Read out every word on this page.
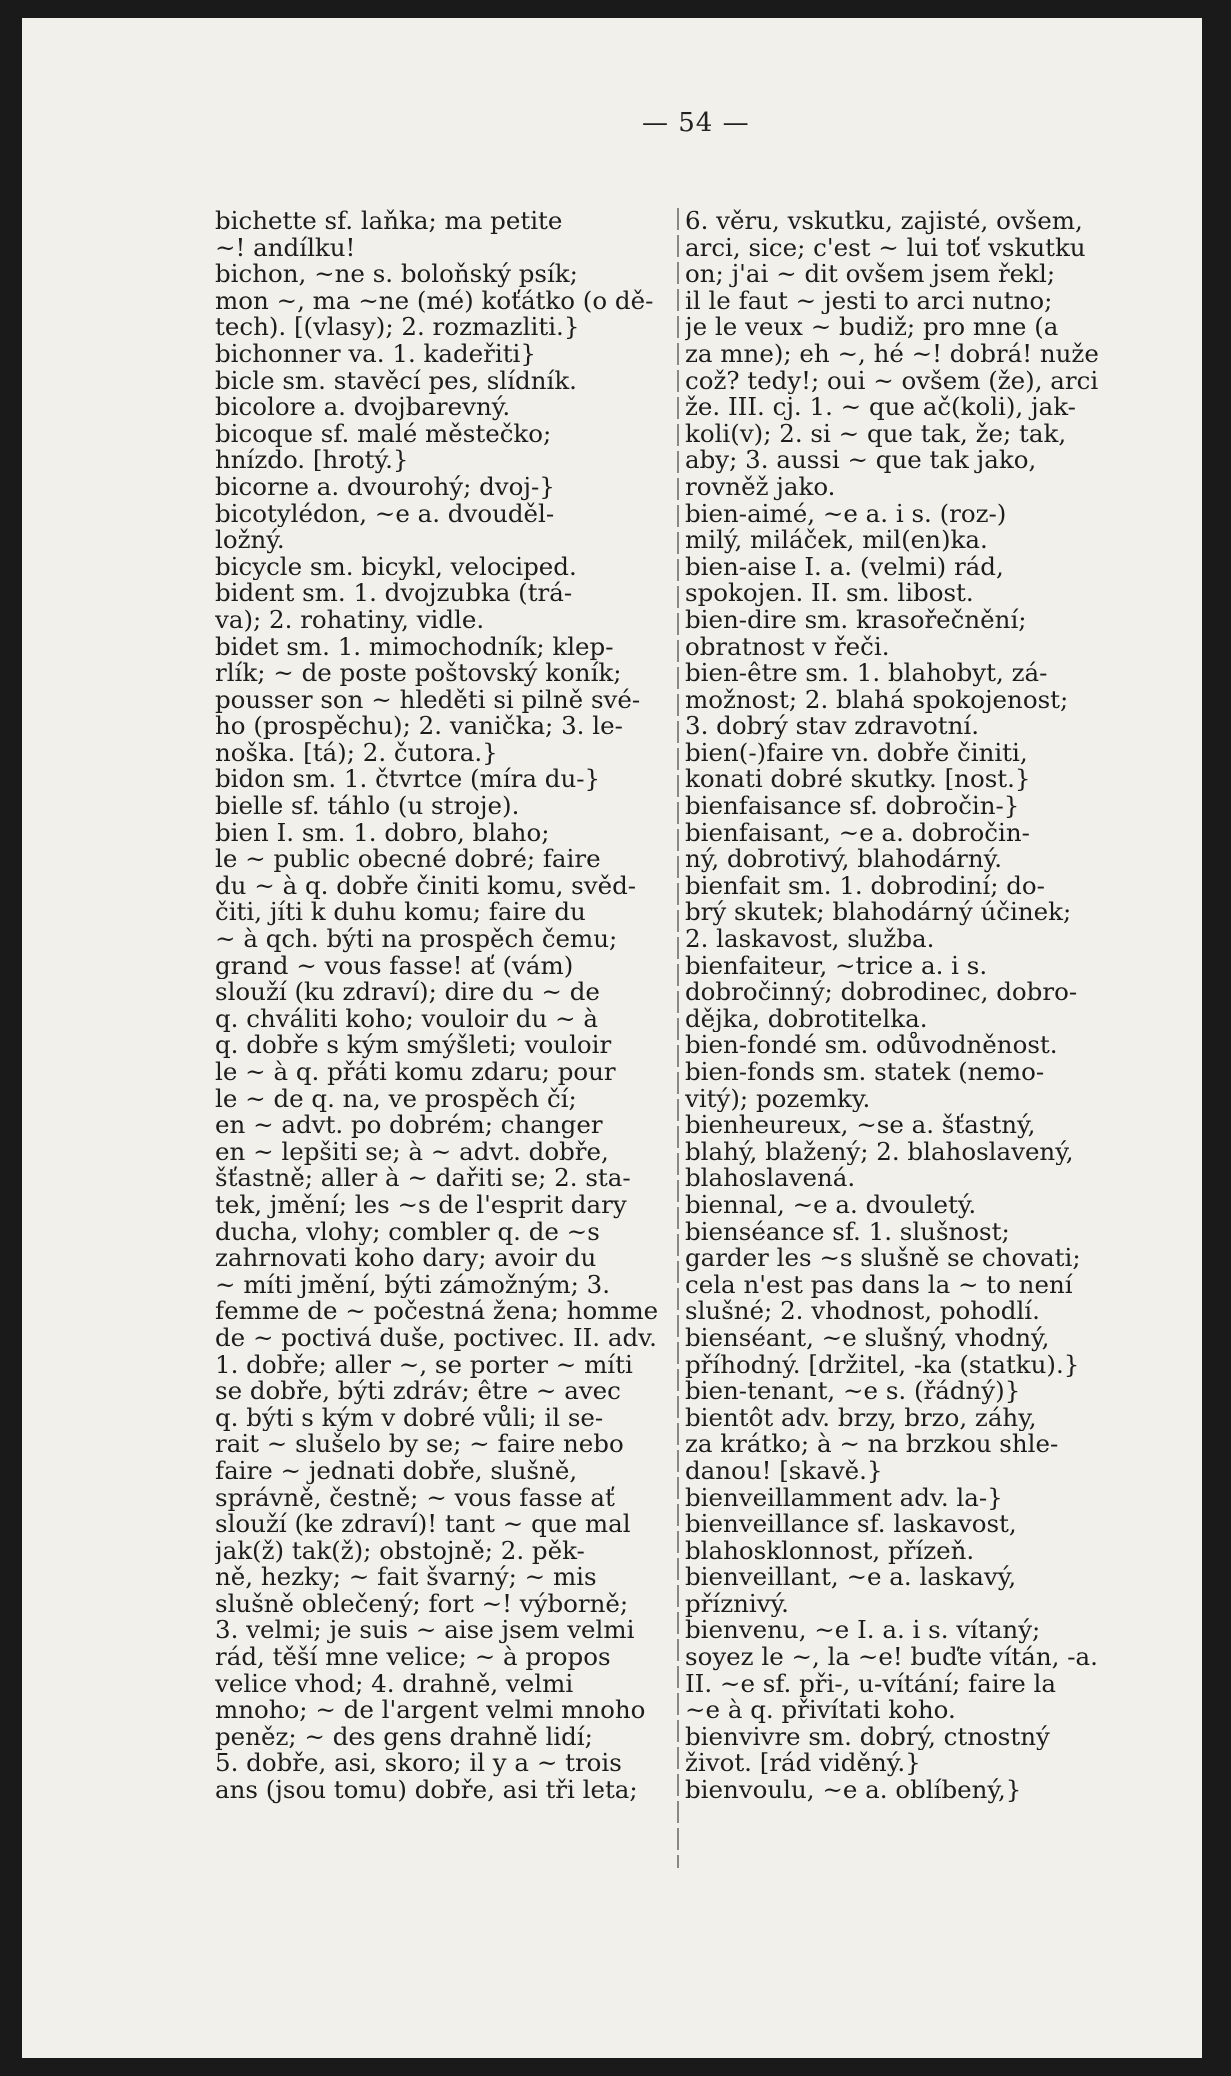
— 54 —

bichette sf. laňka; ma petite

~! andílku!

bichon, ~ne s. boloňský psík;

mon ~, ma ~ne (mé) koťátko (o dě-

tech). [(vlasy); 2. rozmazliti.}

bichonner va. 1. kadeřiti}

bicle sm. stavěcí pes, slídník.

bicolore a. dvojbarevný.

bicoque sf. malé městečko;

hnízdo. [hrotý.}

bicorne a. dvourohý; dvoj-}

bicotylédon, ~e a. dvouděl-

ložný.

bicycle sm. bicykl, velociped.

bident sm. 1. dvojzubka (trá-

va); 2. rohatiny, vidle.

bidet sm. 1. mimochodník; klep-

rlík; ~ de poste poštovský koník;

pousser son ~ hleděti si pilně své-

ho (prospěchu); 2. vanička; 3. le-

noška. [tá); 2. čutora.}

bidon sm. 1. čtvrtce (míra du-}

bielle sf. táhlo (u stroje).

bien I. sm. 1. dobro, blaho;

le ~ public obecné dobré; faire

du ~ à q. dobře činiti komu, svěd-

čiti, jíti k duhu komu; faire du

~ à qch. býti na prospěch čemu;

grand ~ vous fasse! ať (vám)

slouží (ku zdraví); dire du ~ de

q. chváliti koho; vouloir du ~ à

q. dobře s kým smýšleti; vouloir

le ~ à q. přáti komu zdaru; pour

le ~ de q. na, ve prospěch čí;

en ~ advt. po dobrém; changer

en ~ lepšiti se; à ~ advt. dobře,

šťastně; aller à ~ dařiti se; 2. sta-

tek, jmění; les ~s de l'esprit dary

ducha, vlohy; combler q. de ~s

zahrnovati koho dary; avoir du

~ míti jmění, býti zámožným; 3.

femme de ~ počestná žena; homme

de ~ poctivá duše, poctivec. II. adv.

1. dobře; aller ~, se porter ~ míti

se dobře, býti zdráv; être ~ avec

q. býti s kým v dobré vůli; il se-

rait ~ slušelo by se; ~ faire nebo

faire ~ jednati dobře, slušně,

správně, čestně; ~ vous fasse ať

slouží (ke zdraví)! tant ~ que mal

jak(ž) tak(ž); obstojně; 2. pěk-

ně, hezky; ~ fait švarný; ~ mis

slušně oblečený; fort ~! výborně;

3. velmi; je suis ~ aise jsem velmi

rád, těší mne velice; ~ à propos

velice vhod; 4. drahně, velmi

mnoho; ~ de l'argent velmi mnoho

peněz; ~ des gens drahně lidí;

5. dobře, asi, skoro; il y a ~ trois

ans (jsou tomu) dobře, asi tři leta;

6. věru, vskutku, zajisté, ovšem,

arci, sice; c'est ~ lui toť vskutku

on; j'ai ~ dit ovšem jsem řekl;

il le faut ~ jesti to arci nutno;

je le veux ~ budiž; pro mne (a

za mne); eh ~, hé ~! dobrá! nuže

což? tedy!; oui ~ ovšem (že), arci

že. III. cj. 1. ~ que ač(koli), jak-

koli(v); 2. si ~ que tak, že; tak,

aby; 3. aussi ~ que tak jako,

rovněž jako.

bien-aimé, ~e a. i s. (roz-)

milý, miláček, mil(en)ka.

bien-aise I. a. (velmi) rád,

spokojen. II. sm. libost.

bien-dire sm. krasořečnění;

obratnost v řeči.

bien-être sm. 1. blahobyt, zá-

možnost; 2. blahá spokojenost;

3. dobrý stav zdravotní.

bien(-)faire vn. dobře činiti,

konati dobré skutky. [nost.}

bienfaisance sf. dobročin-}

bienfaisant, ~e a. dobročin-

ný, dobrotivý, blahodárný.

bienfait sm. 1. dobrodiní; do-

brý skutek; blahodárný účinek;

2. laskavost, služba.

bienfaiteur, ~trice a. i s.

dobročinný; dobrodinec, dobro-

dějka, dobrotitelka.

bien-fondé sm. odůvodněnost.

bien-fonds sm. statek (nemo-

vitý); pozemky.

bienheureux, ~se a. šťastný,

blahý, blažený; 2. blahoslavený,

blahoslavená.

biennal, ~e a. dvouletý.

bienséance sf. 1. slušnost;

garder les ~s slušně se chovati;

cela n'est pas dans la ~ to není

slušné; 2. vhodnost, pohodlí.

bienséant, ~e slušný, vhodný,

příhodný. [držitel, -ka (statku).}

bien-tenant, ~e s. (řádný)}

bientôt adv. brzy, brzo, záhy,

za krátko; à ~ na brzkou shle-

danou! [skavě.}

bienveillamment adv. la-}

bienveillance sf. laskavost,

blahosklonnost, přízeň.

bienveillant, ~e a. laskavý,

příznivý.

bienvenu, ~e I. a. i s. vítaný;

soyez le ~, la ~e! buďte vítán, -a.

II. ~e sf. při-, u-vítání; faire la

~e à q. přivítati koho.

bienvivre sm. dobrý, ctnostný

život. [rád viděný.}

bienvoulu, ~e a. oblíbený,}
